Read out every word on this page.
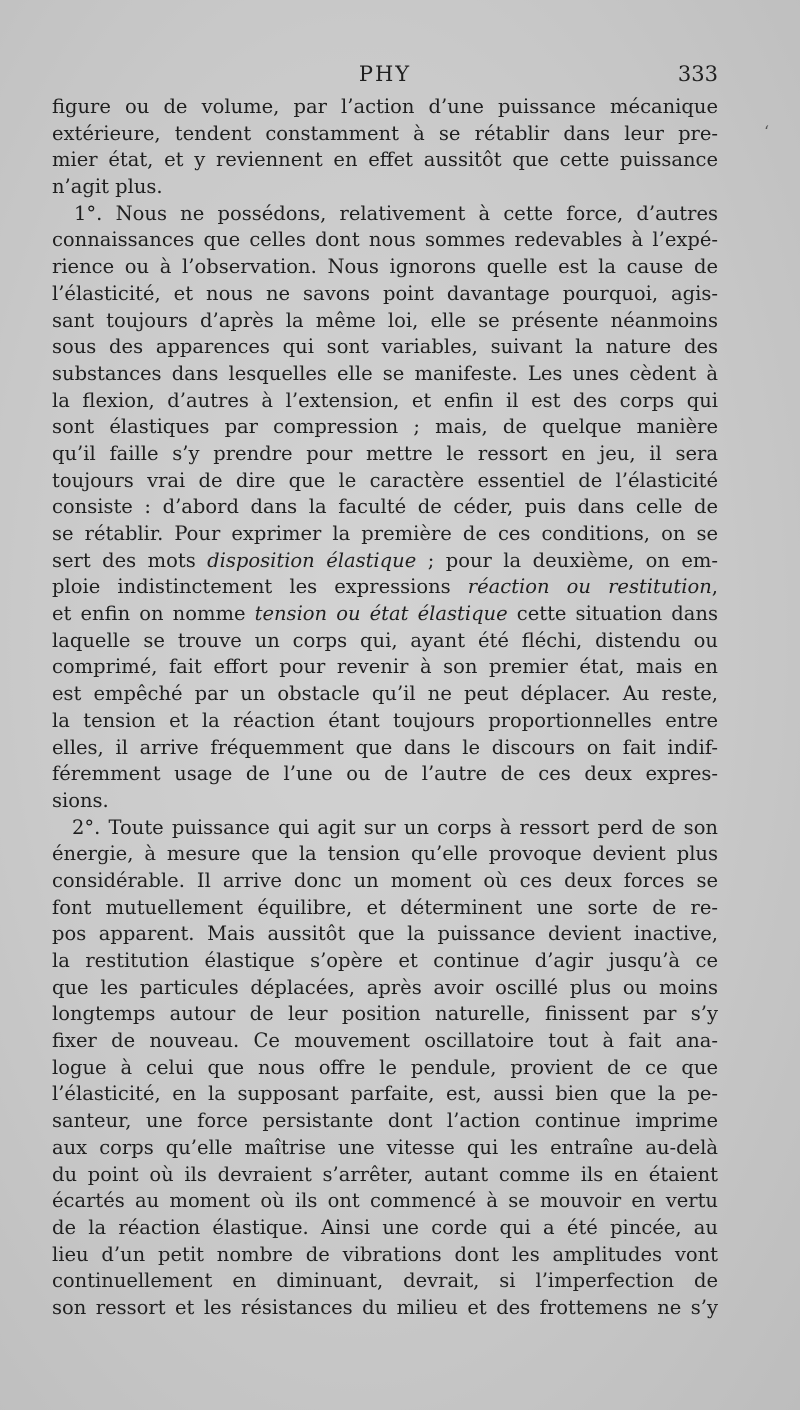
PHY	333
‘
figure ou de volume, par l’action d’une puissance mécanique
extérieure, tendent constamment à se rétablir dans leur pre-
mier état, et y reviennent en effet aussitôt que cette puissance
n’agit plus.
1°. Nous ne possédons, relativement à cette force, d’autres
connaissances que celles dont nous sommes redevables à l’expé-
rience ou à l’observation. Nous ignorons quelle est la cause de
l’élasticité, et nous ne savons point davantage pourquoi, agis-
sant toujours d’après la même loi, elle se présente néanmoins
sous des apparences qui sont variables, suivant la nature des
substances dans lesquelles elle se manifeste. Les unes cèdent à
la flexion, d’autres à l’extension, et enfin il est des corps qui
sont élastiques par compression ; mais, de quelque manière
qu’il faille s’y prendre pour mettre le ressort en jeu, il sera
toujours vrai de dire que le caractère essentiel de l’élasticité
consiste : d’abord dans la faculté de céder, puis dans celle de
se rétablir. Pour exprimer la première de ces conditions, on se
sert des mots disposition élastique ; pour la deuxième, on em-
ploie indistinctement les expressions réaction ou restitution,
et enfin on nomme tension ou état élastique cette situation dans
laquelle se trouve un corps qui, ayant été fléchi, distendu ou
comprimé, fait effort pour revenir à son premier état, mais en
est empêché par un obstacle qu’il ne peut déplacer. Au reste,
la tension et la réaction étant toujours proportionnelles entre
elles, il arrive fréquemment que dans le discours on fait indif-
féremment usage de l’une ou de l’autre de ces deux expres-
sions.
2°. Toute puissance qui agit sur un corps à ressort perd de son
énergie, à mesure que la tension qu’elle provoque devient plus
considérable. Il arrive donc un moment où ces deux forces se
font mutuellement équilibre, et déterminent une sorte de re-
pos apparent. Mais aussitôt que la puissance devient inactive,
la restitution élastique s’opère et continue d’agir jusqu’à ce
que les particules déplacées, après avoir oscillé plus ou moins
longtemps autour de leur position naturelle, finissent par s’y
fixer de nouveau. Ce mouvement oscillatoire tout à fait ana-
logue à celui que nous offre le pendule, provient de ce que
l’élasticité, en la supposant parfaite, est, aussi bien que la pe-
santeur, une force persistante dont l’action continue imprime
aux corps qu’elle maîtrise une vitesse qui les entraîne au-delà
du point où ils devraient s’arrêter, autant comme ils en étaient
écartés au moment où ils ont commencé à se mouvoir en vertu
de la réaction élastique. Ainsi une corde qui a été pincée, au
lieu d’un petit nombre de vibrations dont les amplitudes vont
continuellement en diminuant, devrait, si l’imperfection de
son ressort et les résistances du milieu et des frottemens ne s’y
